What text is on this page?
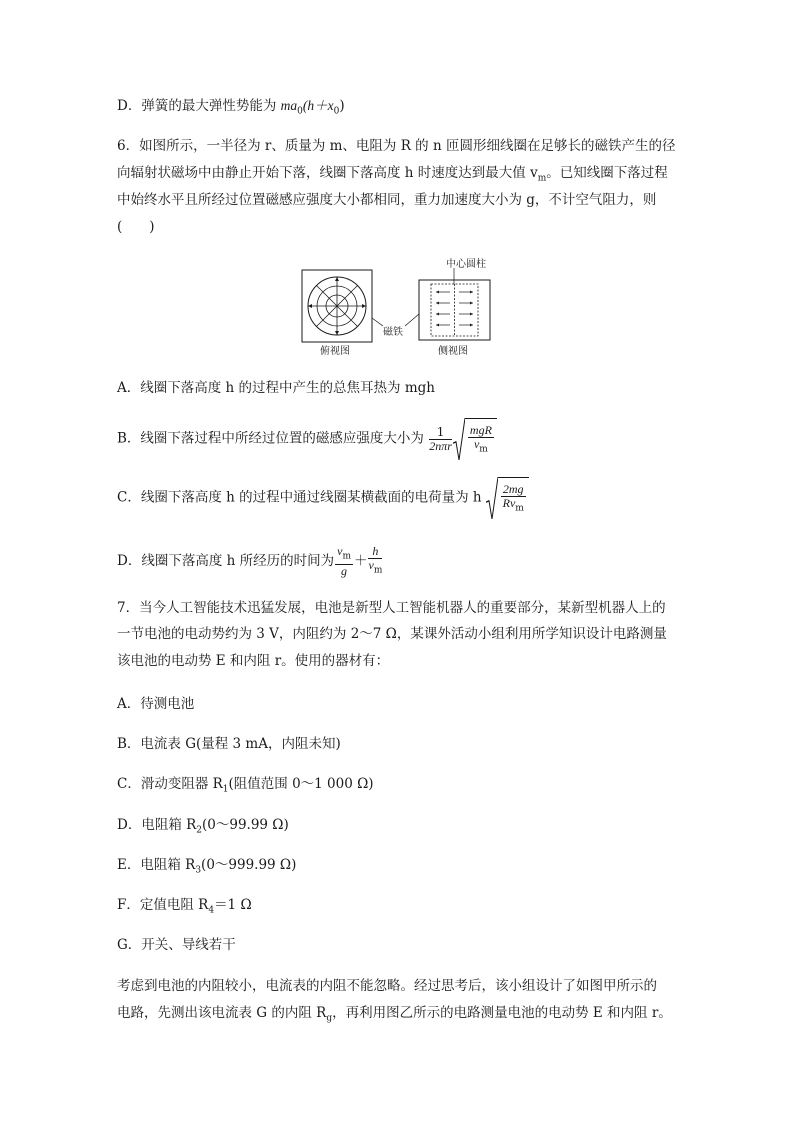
D．弹簧的最大弹性势能为 $ma_0(h+x_0)$
6．如图所示，一半径为 r、质量为 m、电阻为 R 的 n 匝圆形细线圈在足够长的磁铁产生的径
向辐射状磁场中由静止开始下落，线圈下落高度 h 时速度达到最大值 $v_m$。已知线圈下落过程
中始终水平且所经过位置磁感应强度大小都相同，重力加速度大小为 g，不计空气阻力，则
(　　)
俯视图
磁铁
侧视图
中心圆柱
A．线圈下落高度 h 的过程中产生的总焦耳热为 mgh
B．线圈下落过程中所经过位置的磁感应强度大小为 $\frac{1}{\text{2nπr}} \frac{\text{mgR}}{v_m}$
C．线圈下落高度 h 的过程中通过线圈某横截面的电荷量为 h $\frac{2mg}{Rv_m}$
D．线圈下落高度 h 所经历的时间为 $\frac{v_m}{g} + \frac{h}{v_m}$
7．当今人工智能技术迅猛发展，电池是新型人工智能机器人的重要部分，某新型机器人上的
一节电池的电动势约为 3 V，内阻约为 2～7 Ω，某课外活动小组利用所学知识设计电路测量
该电池的电动势 E 和内阻 r。使用的器材有：
A．待测电池
B．电流表 G(量程 3 mA，内阻未知)
C．滑动变阻器 $R_1$(阻值范围 0～1 000 Ω)
D．电阻箱 $R_2(0\sim 99.99$ Ω)
E．电阻箱 $R_3(0\sim 999.99$ Ω)
F．定值电阻 $R_4=1$ Ω
G．开关、导线若干
考虑到电池的内阻较小，电流表的内阻不能忽略。经过思考后，该小组设计了如图甲所示的
电路，先测出该电流表 G 的内阻 $R_g$，再利用图乙所示的电路测量电池的电动势 E 和内阻 r。
